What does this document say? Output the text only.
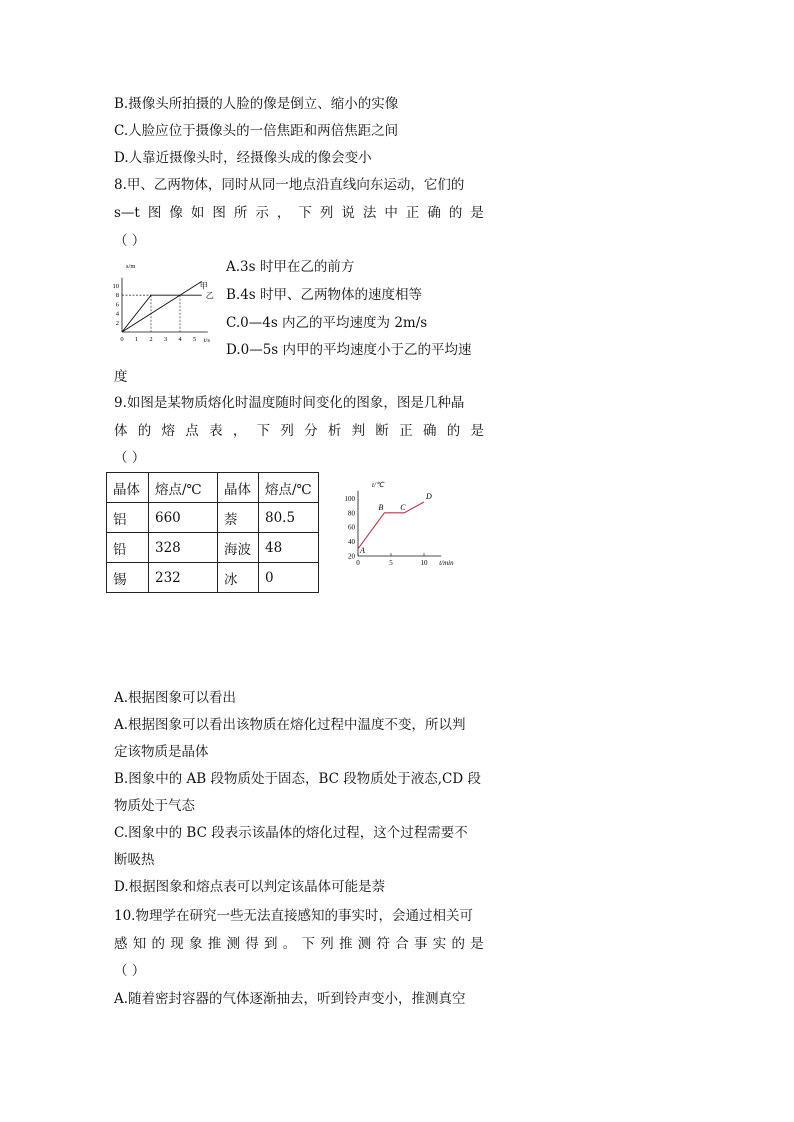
B.摄像头所拍摄的人脸的像是倒立、缩小的实像
C.人脸应位于摄像头的一倍焦距和两倍焦距之间
D.人靠近摄像头时，经摄像头成的像会变小
8.甲、乙两物体，同时从同一地点沿直线向东运动，它们的
s—t 图 像 如 图 所 示 ， 下 列 说 法 中 正 确 的 是
（ ）
0 1 2 3 4 5
2
4
6
8
10
s/m
t/s
甲
乙
A.3s 时甲在乙的前方
B.4s 时甲、乙两物体的速度相等
C.0—4s 内乙的平均速度为 2m/s
D.0—5s 内甲的平均速度小于乙的平均速
度
9.如图是某物质熔化时温度随时间变化的图象，图是几种晶
体 的 熔 点 表 ， 下 列 分 析 判 断 正 确 的 是
（ ）
晶体	熔点/℃	晶体	熔点/℃
铝	660	萘	80.5
铅	328	海波	48
锡	232	冰	0
0	5	10
20
40
60
80
100
t/℃
t/min
A
B C
D
A.根据图象可以看出
A.根据图象可以看出该物质在熔化过程中温度不变，所以判
定该物质是晶体
B.图象中的 AB 段物质处于固态，BC 段物质处于液态,CD 段
物质处于气态
C.图象中的 BC 段表示该晶体的熔化过程，这个过程需要不
断吸热
D.根据图象和熔点表可以判定该晶体可能是萘
10.物理学在研究一些无法直接感知的事实时，会通过相关可
感 知 的 现 象 推 测 得 到 。 下 列 推 测 符 合 事 实 的 是
（ ）
A.随着密封容器的气体逐渐抽去，听到铃声变小，推测真空
